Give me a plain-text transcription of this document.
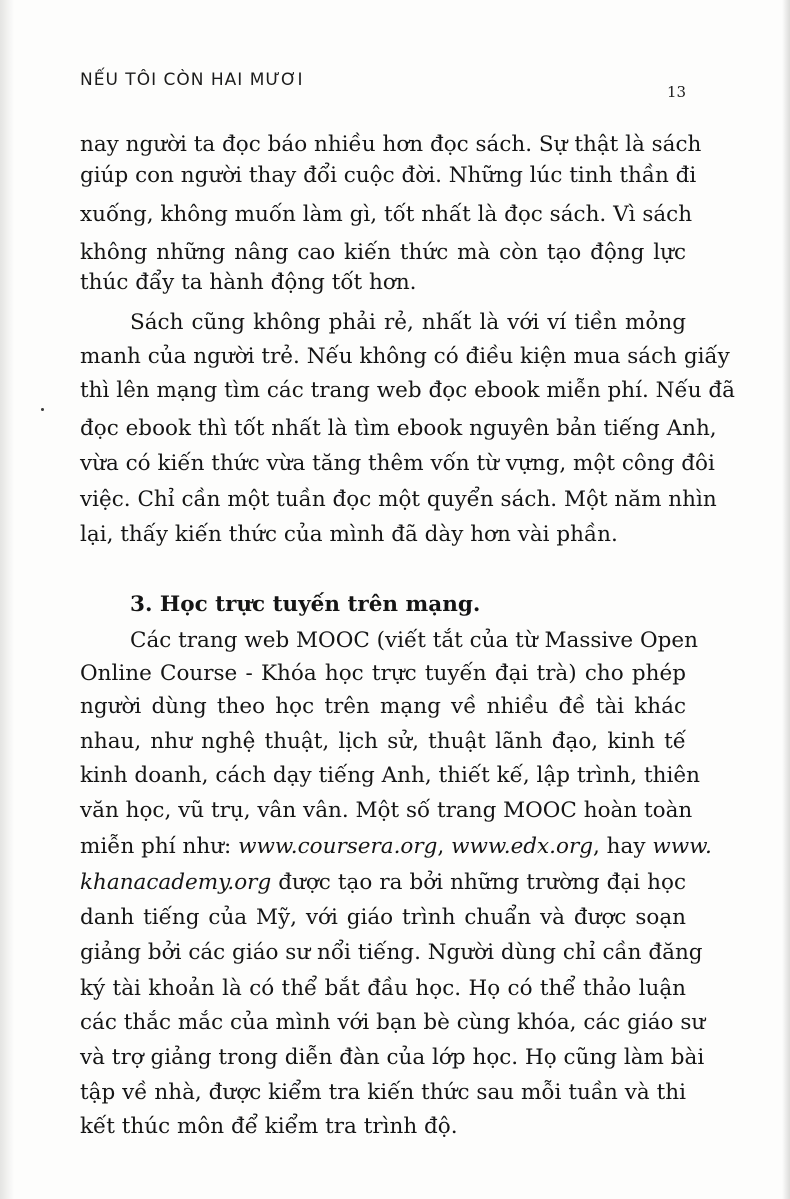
NẾU TÔI CÒN HAI MƯƠI
13
nay người ta đọc báo nhiều hơn đọc sách. Sự thật là sách
giúp con người thay đổi cuộc đời. Những lúc tinh thần đi
xuống, không muốn làm gì, tốt nhất là đọc sách. Vì sách
không những nâng cao kiến thức mà còn tạo động lực
thúc đẩy ta hành động tốt hơn.
Sách cũng không phải rẻ, nhất là với ví tiền mỏng
manh của người trẻ. Nếu không có điều kiện mua sách giấy
thì lên mạng tìm các trang web đọc ebook miễn phí. Nếu đã
đọc ebook thì tốt nhất là tìm ebook nguyên bản tiếng Anh,
vừa có kiến thức vừa tăng thêm vốn từ vựng, một công đôi
việc. Chỉ cần một tuần đọc một quyển sách. Một năm nhìn
lại, thấy kiến thức của mình đã dày hơn vài phần.
3. Học trực tuyến trên mạng.
Các trang web MOOC (viết tắt của từ Massive Open
Online Course - Khóa học trực tuyến đại trà) cho phép
người dùng theo học trên mạng về nhiều đề tài khác
nhau, như nghệ thuật, lịch sử, thuật lãnh đạo, kinh tế
kinh doanh, cách dạy tiếng Anh, thiết kế, lập trình, thiên
văn học, vũ trụ, vân vân. Một số trang MOOC hoàn toàn
miễn phí như: www.coursera.org, www.edx.org, hay www.
khanacademy.org được tạo ra bởi những trường đại học
danh tiếng của Mỹ, với giáo trình chuẩn và được soạn
giảng bởi các giáo sư nổi tiếng. Người dùng chỉ cần đăng
ký tài khoản là có thể bắt đầu học. Họ có thể thảo luận
các thắc mắc của mình với bạn bè cùng khóa, các giáo sư
và trợ giảng trong diễn đàn của lớp học. Họ cũng làm bài
tập về nhà, được kiểm tra kiến thức sau mỗi tuần và thi
kết thúc môn để kiểm tra trình độ.
